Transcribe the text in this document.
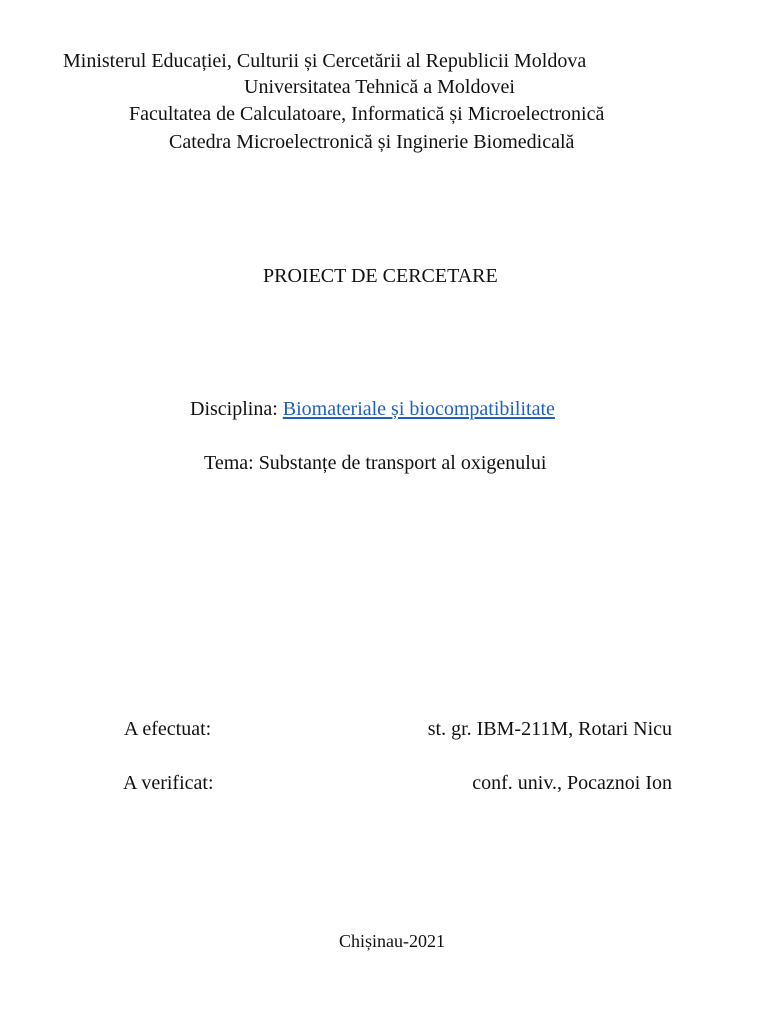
Ministerul Educației, Culturii și Cercetării al Republicii Moldova
Universitatea Tehnică a Moldovei
Facultatea de Calculatoare, Informatică și Microelectronică
Catedra Microelectronică și Inginerie Biomedicală
PROIECT DE CERCETARE
Disciplina: Biomateriale și biocompatibilitate
Tema: Substanțe de transport al oxigenului
A efectuat:	st. gr. IBM-211M, Rotari Nicu
A verificat:	conf. univ., Pocaznoi Ion
Chișinau-2021
